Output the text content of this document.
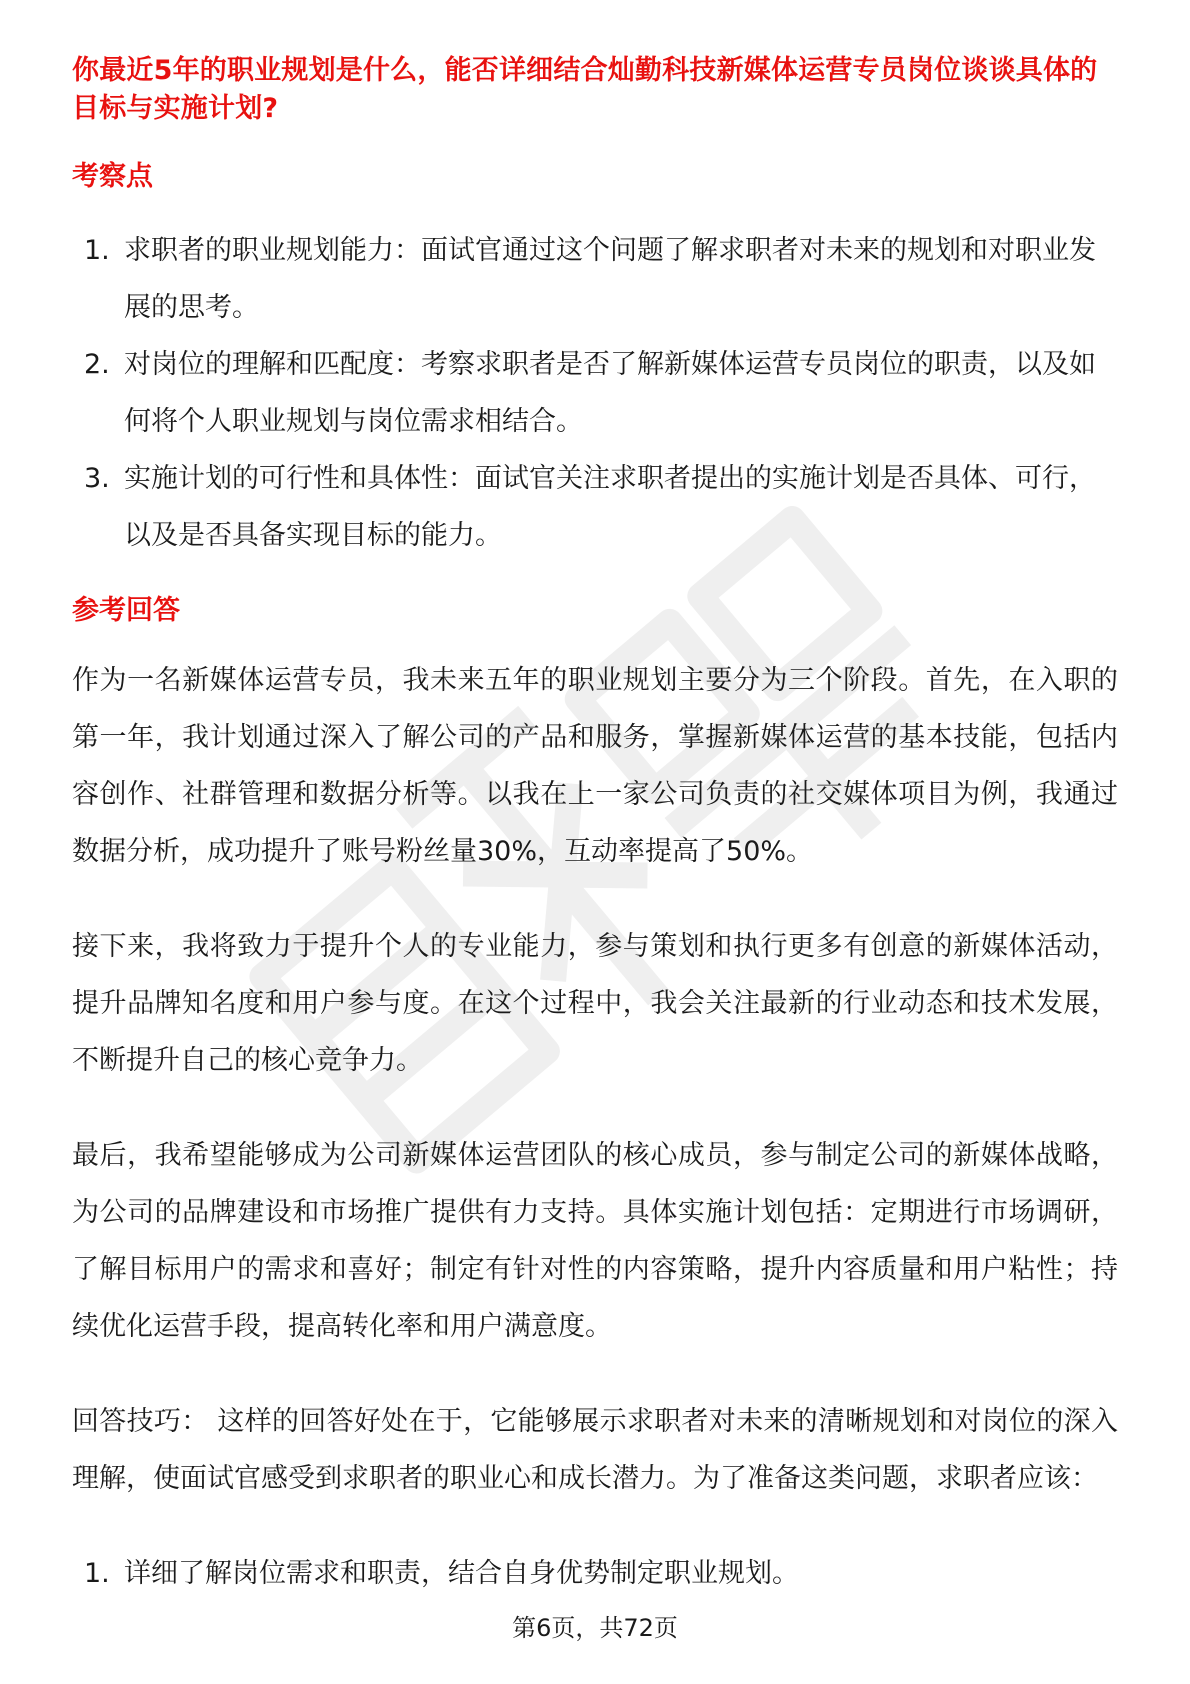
你最近5年的职业规划是什么，能否详细结合灿勤科技新媒体运营专员岗位谈谈具体的目标与实施计划?

考察点
1. 求职者的职业规划能力：面试官通过这个问题了解求职者对未来的规划和对职业发展的思考。
2. 对岗位的理解和匹配度：考察求职者是否了解新媒体运营专员岗位的职责，以及如何将个人职业规划与岗位需求相结合。
3. 实施计划的可行性和具体性：面试官关注求职者提出的实施计划是否具体、可行，以及是否具备实现目标的能力。
参考回答

作为一名新媒体运营专员，我未来五年的职业规划主要分为三个阶段。首先，在入职的第一年，我计划通过深入了解公司的产品和服务，掌握新媒体运营的基本技能，包括内容创作、社群管理和数据分析等。以我在上一家公司负责的社交媒体项目为例，我通过数据分析，成功提升了账号粉丝量30%，互动率提高了50%。

接下来，我将致力于提升个人的专业能力，参与策划和执行更多有创意的新媒体活动，提升品牌知名度和用户参与度。在这个过程中，我会关注最新的行业动态和技术发展，不断提升自己的核心竞争力。

最后，我希望能够成为公司新媒体运营团队的核心成员，参与制定公司的新媒体战略，为公司的品牌建设和市场推广提供有力支持。具体实施计划包括：定期进行市场调研，了解目标用户的需求和喜好；制定有针对性的内容策略，提升内容质量和用户粘性；持续优化运营手段，提高转化率和用户满意度。

回答技巧： 这样的回答好处在于，它能够展示求职者对未来的清晰规划和对岗位的深入理解，使面试官感受到求职者的职业心和成长潜力。为了准备这类问题，求职者应该：

1. 详细了解岗位需求和职责，结合自身优势制定职业规划。
第6页，共72页
